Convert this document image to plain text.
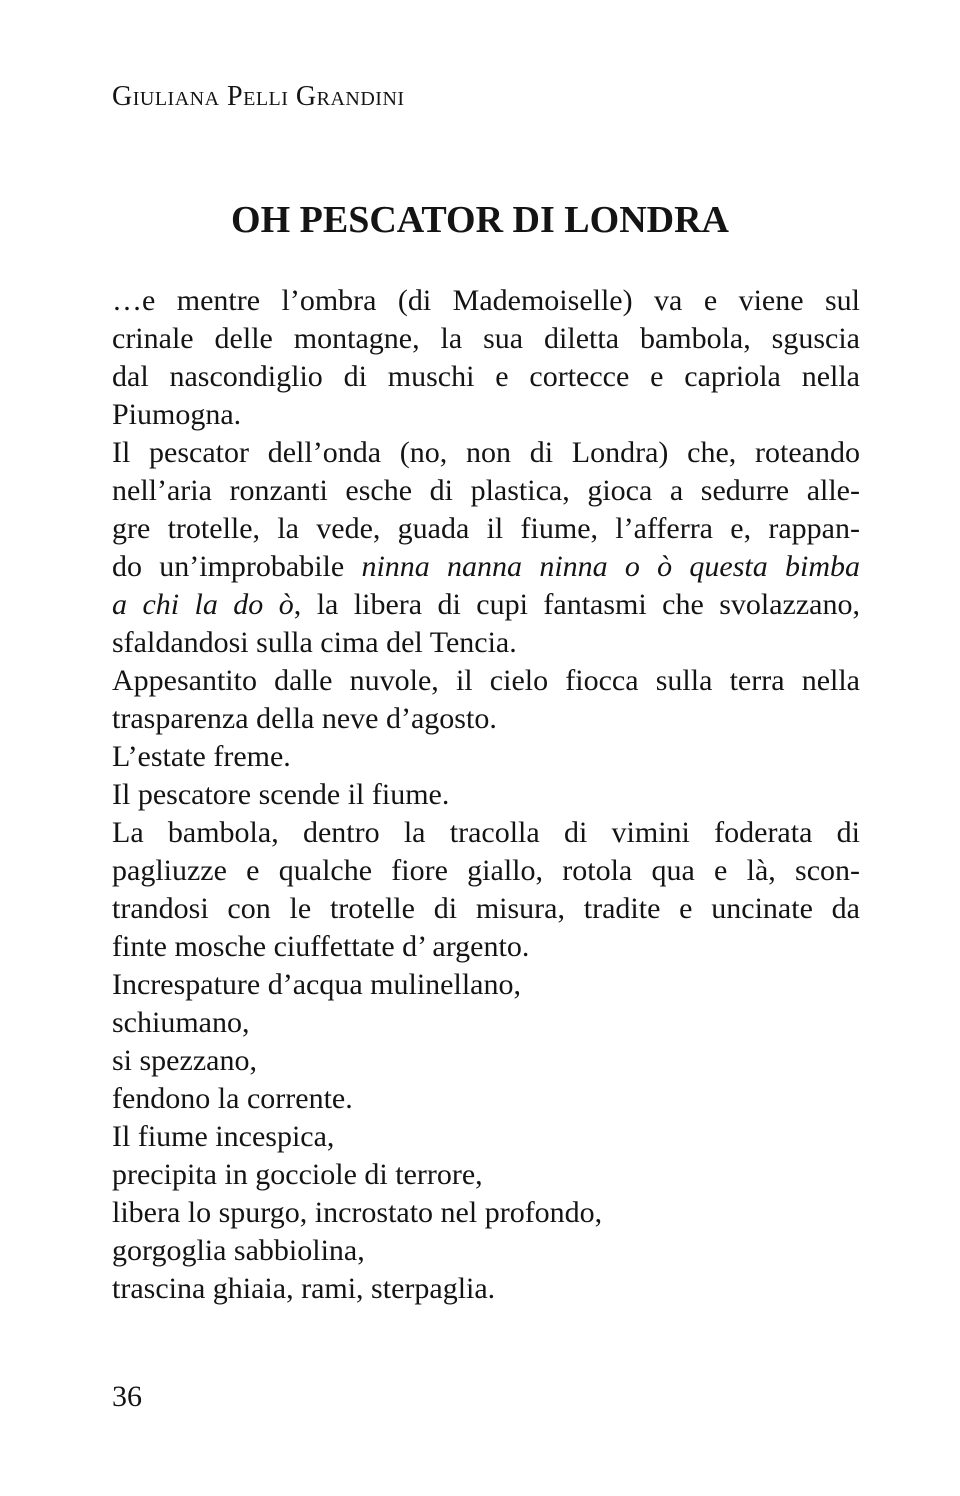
Giuliana Pelli Grandini
OH PESCATOR DI LONDRA
…e mentre l’ombra (di Mademoiselle) va e viene sul
crinale delle montagne, la sua diletta bambola, sguscia
dal nascondiglio di muschi e cortecce e capriola nella
Piumogna.
Il pescator dell’onda (no, non di Londra) che, roteando
nell’aria ronzanti esche di plastica, gioca a sedurre alle-
gre trotelle, la vede, guada il fiume, l’afferra e, rappan-
do un’improbabile ninna nanna ninna o ò questa bimba
a chi la do ò, la libera di cupi fantasmi che svolazzano,
sfaldandosi sulla cima del Tencia.
Appesantito dalle nuvole, il cielo fiocca sulla terra nella
trasparenza della neve d’agosto.
L’estate freme.
Il pescatore scende il fiume.
La bambola, dentro la tracolla di vimini foderata di
pagliuzze e qualche fiore giallo, rotola qua e là, scon-
trandosi con le trotelle di misura, tradite e uncinate da
finte mosche ciuffettate d’ argento.
Increspature d’acqua mulinellano,
schiumano,
si spezzano,
fendono la corrente.
Il fiume incespica,
precipita in gocciole di terrore,
libera lo spurgo, incrostato nel profondo,
gorgoglia sabbiolina,
trascina ghiaia, rami, sterpaglia.
36
